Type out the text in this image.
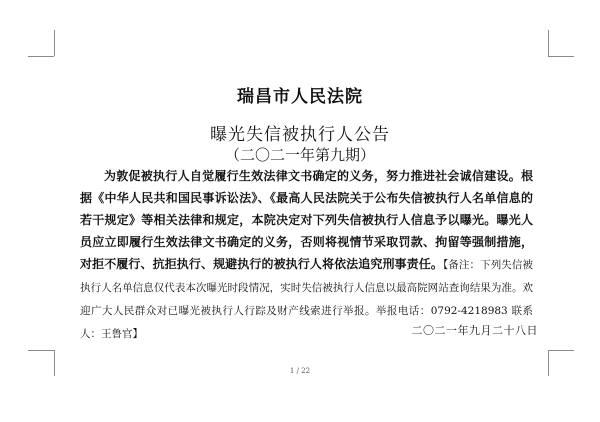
瑞昌市人民法院
曝光失信被执行人公告
（二〇二一年第九期）

为敦促被执行人自觉履行生效法律文书确定的义务，努力推进社会诚信建设。根据《中华人民共和国民事诉讼法》、《最高人民法院关于公布失信被执行人名单信息的若干规定》等相关法律和规定，本院决定对下列失信被执行人信息予以曝光。曝光人员应立即履行生效法律文书确定的义务，否则将视情节采取罚款、拘留等强制措施，对拒不履行、抗拒执行、规避执行的被执行人将依法追究刑事责任。【备注：下列失信被执行人名单信息仅代表本次曝光时段情况，实时失信被执行人信息以最高院网站查询结果为准。欢迎广大人民群众对已曝光被执行人行踪及财产线索进行举报。举报电话：0792-4218983 联系人：王鲁官】	二〇二一年九月二十八日
1 / 22
